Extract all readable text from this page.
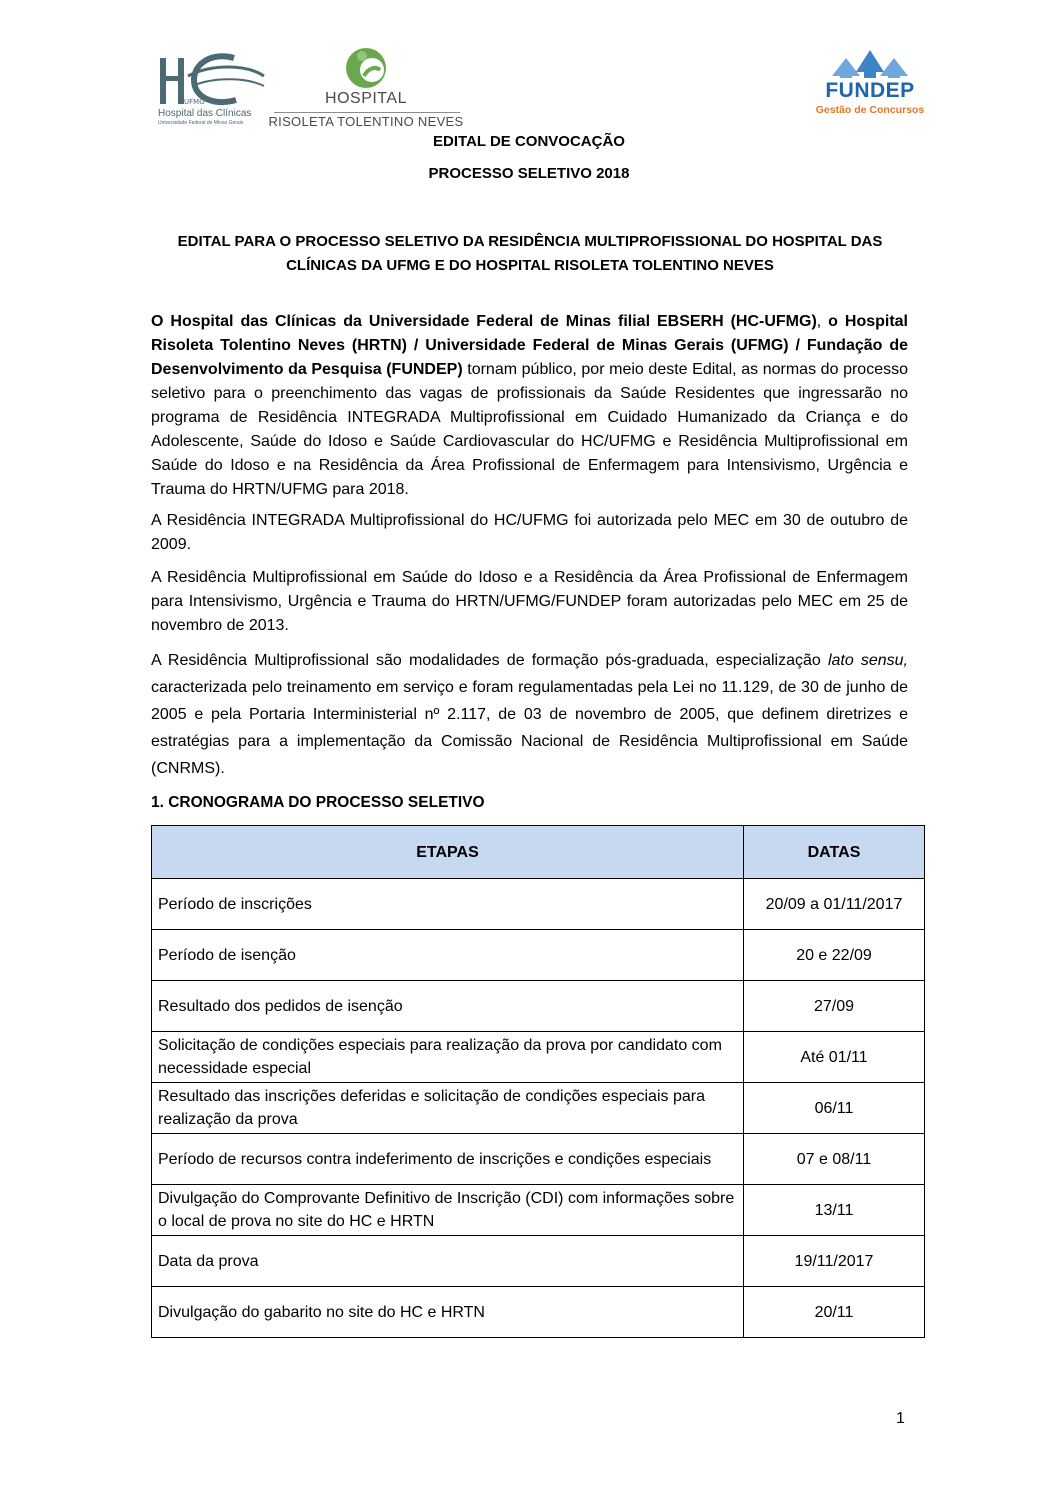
UFMG
Hospital das Clínicas
Universidade Federal de Minas Gerais
HOSPITAL
RISOLETA TOLENTINO NEVES
FUNDEP
Gestão de Concursos
EDITAL DE CONVOCAÇÃO
PROCESSO SELETIVO 2018
EDITAL PARA O PROCESSO SELETIVO DA RESIDÊNCIA MULTIPROFISSIONAL DO HOSPITAL DAS
CLÍNICAS DA UFMG E DO HOSPITAL RISOLETA TOLENTINO NEVES
O Hospital das Clínicas da Universidade Federal de Minas filial EBSERH (HC-UFMG), o Hospital Risoleta Tolentino Neves (HRTN) / Universidade Federal de Minas Gerais (UFMG) / Fundação de Desenvolvimento da Pesquisa (FUNDEP) tornam público, por meio deste Edital, as normas do processo seletivo para o preenchimento das vagas de profissionais da Saúde Residentes que ingressarão no programa de Residência INTEGRADA Multiprofissional em Cuidado Humanizado da Criança e do Adolescente, Saúde do Idoso e Saúde Cardiovascular do HC/UFMG e Residência Multiprofissional em Saúde do Idoso e na Residência da Área Profissional de Enfermagem para Intensivismo, Urgência e Trauma do HRTN/UFMG para 2018.
A Residência INTEGRADA Multiprofissional do HC/UFMG foi autorizada pelo MEC em 30 de outubro de 2009.
A Residência Multiprofissional em Saúde do Idoso e a Residência da Área Profissional de Enfermagem para Intensivismo, Urgência e Trauma do HRTN/UFMG/FUNDEP foram autorizadas pelo MEC em 25 de novembro de 2013.
A Residência Multiprofissional são modalidades de formação pós-graduada, especialização lato sensu, caracterizada pelo treinamento em serviço e foram regulamentadas pela Lei no 11.129, de 30 de junho de 2005 e pela Portaria Interministerial nº 2.117, de 03 de novembro de 2005, que definem diretrizes e estratégias para a implementação da Comissão Nacional de Residência Multiprofissional em Saúde (CNRMS).
1. CRONOGRAMA DO PROCESSO SELETIVO
ETAPAS	DATAS
Período de inscrições	20/09 a 01/11/2017
Período de isenção	20 e 22/09
Resultado dos pedidos de isenção	27/09
Solicitação de condições especiais para realização da prova por candidato com necessidade especial	Até 01/11
Resultado das inscrições deferidas e solicitação de condições especiais para realização da prova	06/11
Período de recursos contra indeferimento de inscrições e condições especiais	07 e 08/11
Divulgação do Comprovante Definitivo de Inscrição (CDI) com informações sobre o local de prova no site do HC e HRTN	13/11
Data da prova	19/11/2017
Divulgação do gabarito no site do HC e HRTN	20/11
1
